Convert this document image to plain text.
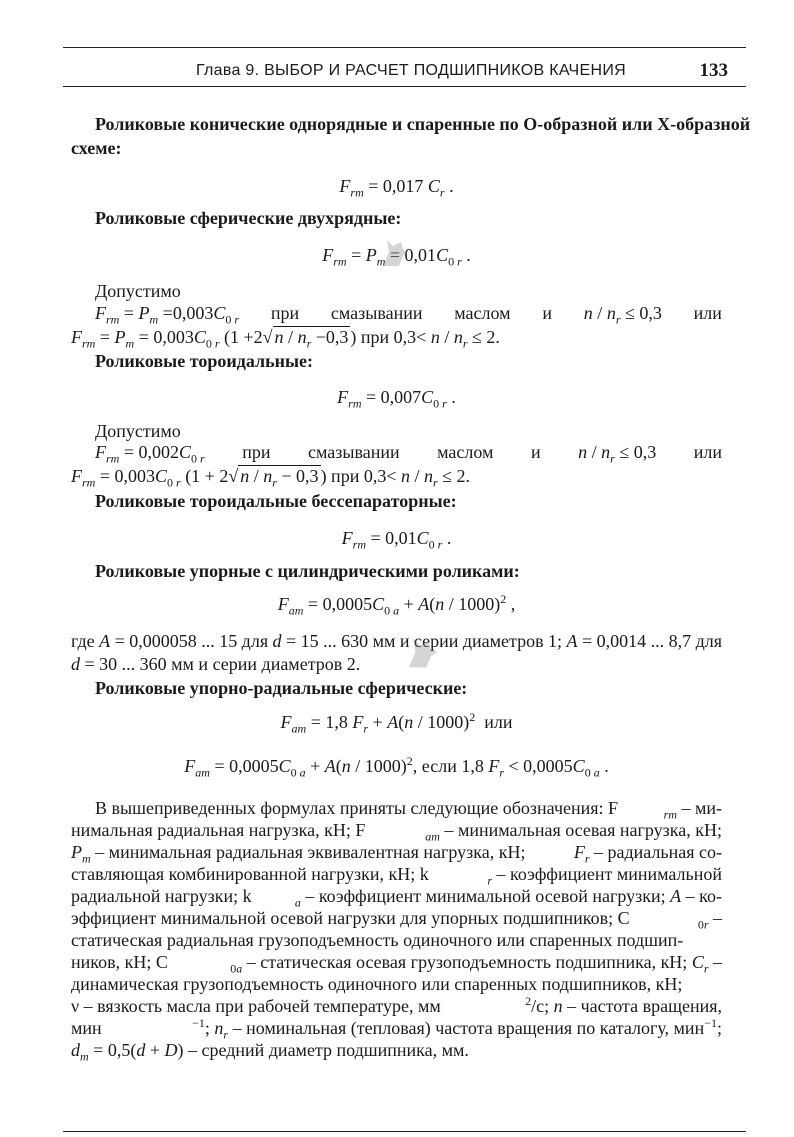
Глава 9. ВЫБОР И РАСЧЕТ ПОДШИПНИКОВ КАЧЕНИЯ	133
Роликовые конические однорядные и спаренные по О-образной или Х-образной
схеме:
$F_{rm} = 0,017$ $C_r$ .
Роликовые сферические двухрядные:
$F_{rm} = P_m = 0,01C_{0 r}$ .
Допустимо
$F_{rm} = P_m =0,003C_{0 r}$ при смазывании маслом и $n / n_r \le 0,3$ или
$F_{rm} = P_m = 0,003C_{0 r}$ (1 +2√ $n / n_r -0,3$ ) при $0,3< n / n_r \le 2$.
Роликовые тороидальные:
$F_{rm} = 0,007C_{0 r}$ .
Допустимо
$F_{rm} = 0,002C_{0 r}$ при смазывании маслом и $n / n_r \le 0,3$ или
$F_{rm} = 0,003C_{0 r}$ (1 + 2√ $n / n_r - 0,3$ ) при $0,3< n / n_r \le 2$.
Роликовые тороидальные бессепараторные:
$F_{rm} = 0,01C_{0 r}$ .
Роликовые упорные с цилиндрическими роликами:
$F_{am} = 0,0005C_{0 a} + A(n / 1000)^2$ ,
где A = 0,000058 ... 15 для d = 15 ... 630 мм и серии диаметров 1; A = 0,0014 ... 8,7 для
d = 30 ... 360 мм и серии диаметров 2.
Роликовые упорно-радиальные сферические:
$F_{am} = 1,8$ $F_r + A(n / 1000)^2$  или
$F_{am} = 0,0005C_{0 a} + A(n / 1000)^2$, если 1,8 $F_r < 0,0005C_{0 a}$ .
В вышеприведенных формулах приняты следующие обозначения: F	$_{rm}$ – ми-
нимальная радиальная нагрузка, кН; F	$_{am}$ – минимальная осевая нагрузка, кН;
$P_m$ – минимальная радиальная эквивалентная нагрузка, кН;	$F_r$ – радиальная со-
ставляющая комбинированной нагрузки, кН; k	$_r$ – коэффициент минимальной
радиальной нагрузки; k	$_a$ – коэффициент минимальной осевой нагрузки; A – ко-
эффициент минимальной осевой нагрузки для упорных подшипников; C	$_{0r}$ –
статическая радиальная грузоподъемность одиночного или спаренных подшип-
ников, кН; C	$_{0a}$ – статическая осевая грузоподъемность подшипника, кН; $C_r$ –
динамическая грузоподъемность одиночного или спаренных подшипников, кН;
ν – вязкость масла при рабочей температуре, мм	$^2$/с; n – частота вращения,
мин	$^{-1}$; $n_r$ – номинальная (тепловая) частота вращения по каталогу, мин$^{-1}$;
$d_m = 0,5(d + D)$ – средний диаметр подшипника, мм.
